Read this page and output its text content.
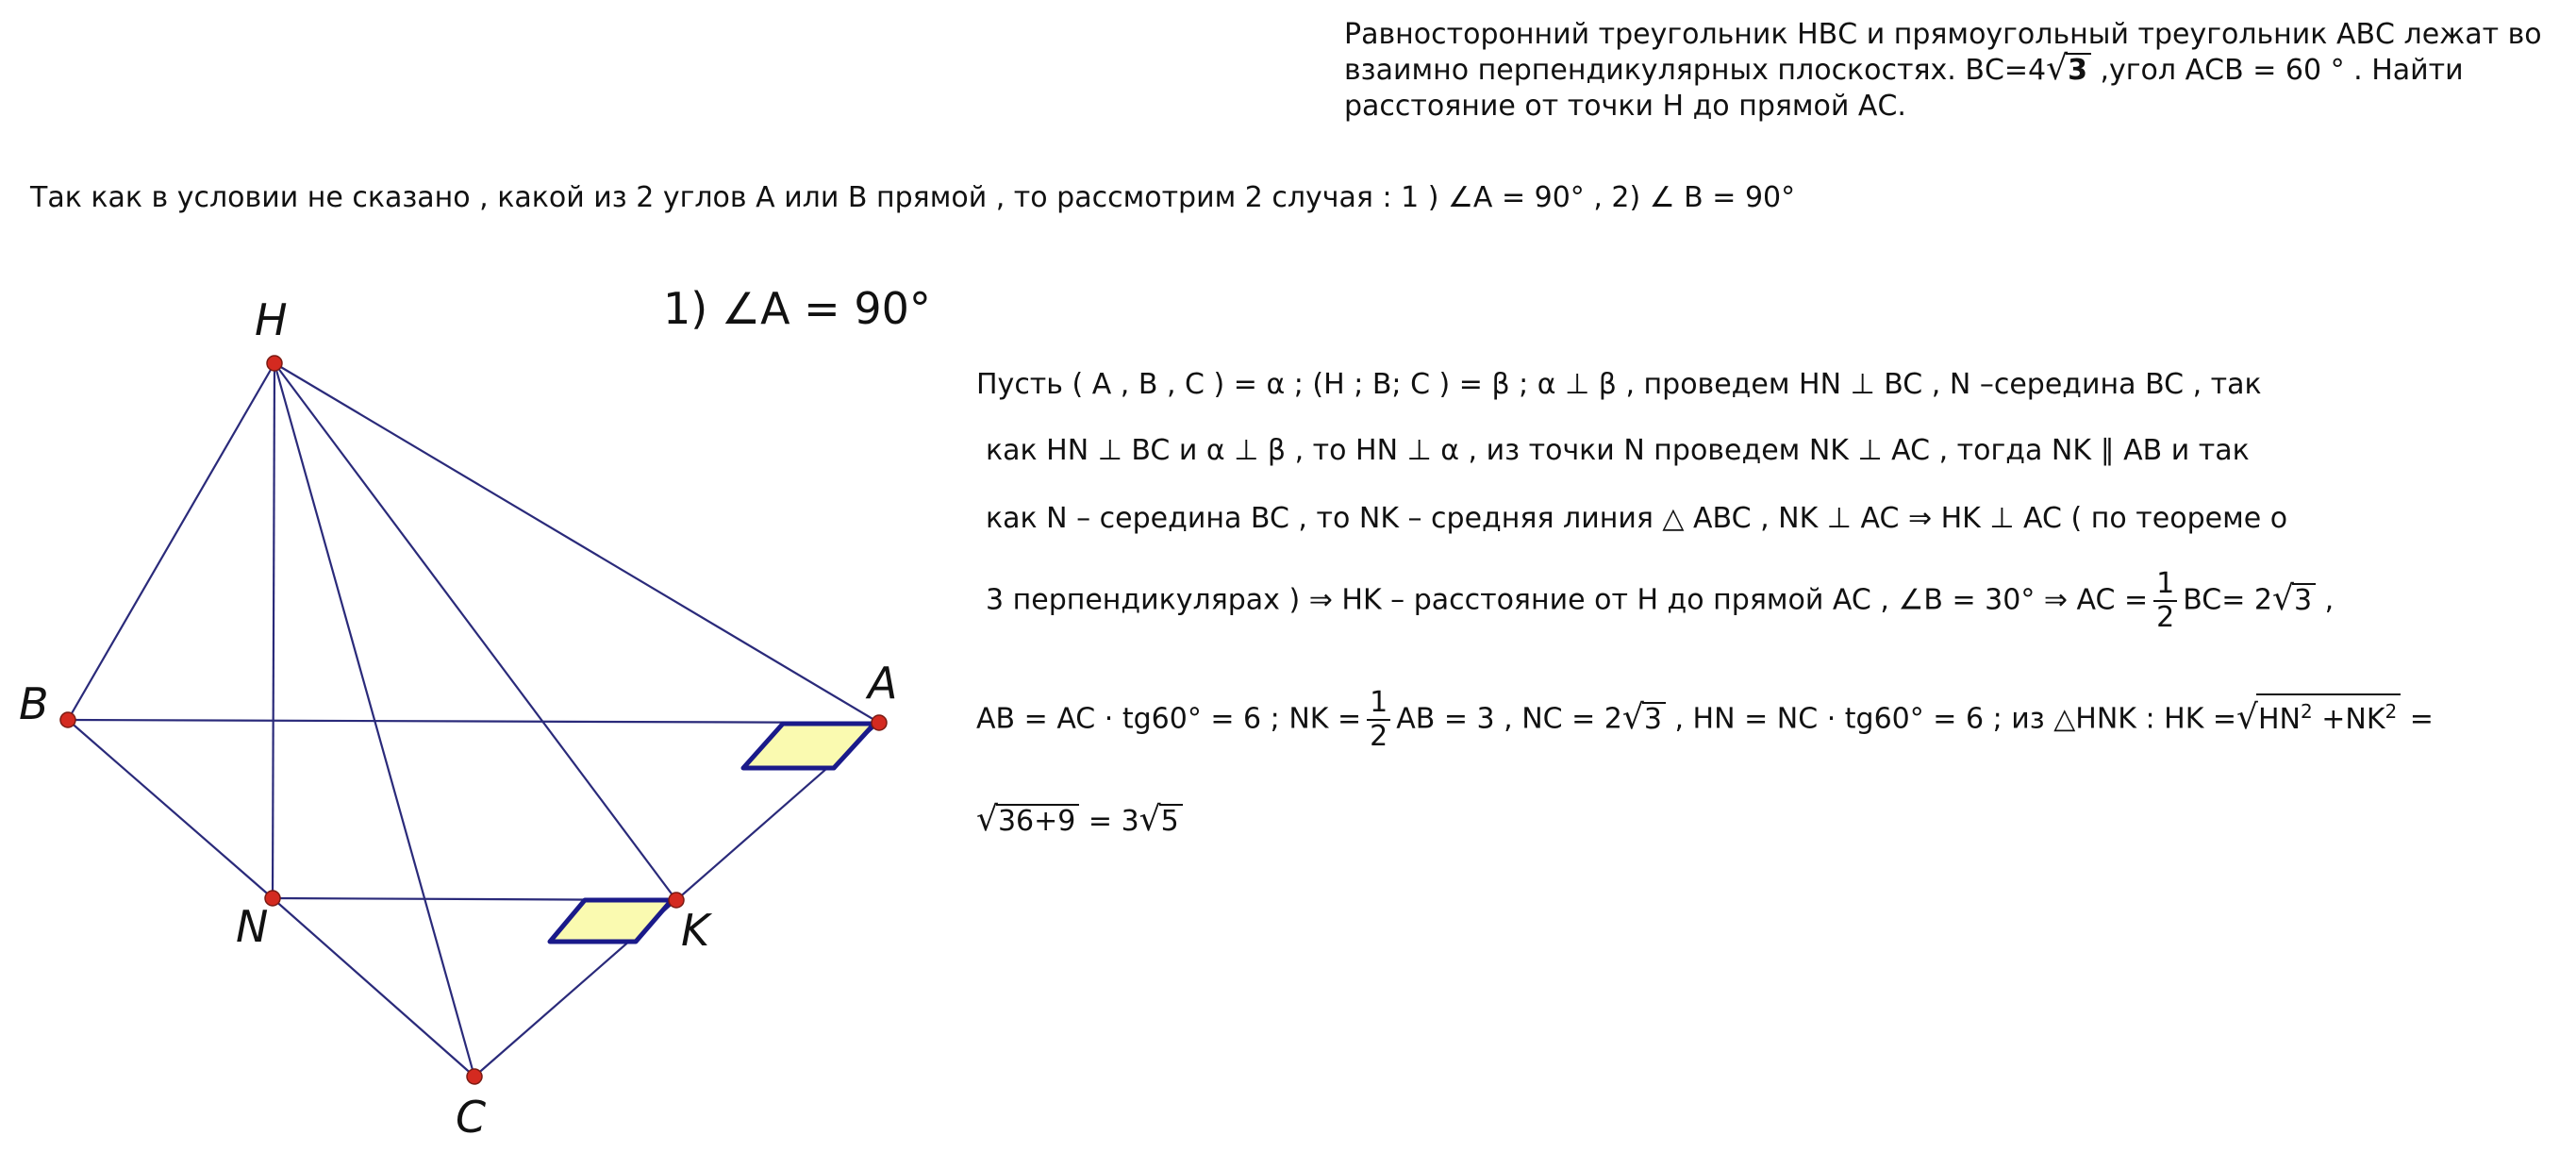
Равносторонний треугольник НВС и прямоугольный треугольник АВС лежат во
взаимно перпендикулярных плоскостях. ВС=4√3 ,угол АСВ = 60 ° . Найти
расстояние от точки Н до прямой АС.
Так как в условии не сказано , какой из 2 углов А или В прямой , то рассмотрим 2 случая : 1 ) ∠A = 90° , 2) ∠ B = 90°
1) ∠A = 90°
Пусть ( A , B , C ) = α ; (H ; B; C ) = β ; α ⊥ β , проведем HN ⊥ BC , N –середина BC , так
как HN ⊥ BC и α ⊥ β , то HN ⊥ α , из точки N проведем NK ⊥ AC , тогда NK ∥ AB и так
как N – середина BC , то NK – средняя линия △ ABC , NK ⊥ AC ⇒ HK ⊥ AC ( по теореме о
3 перпендикулярах ) ⇒ HK – расстояние от H до прямой AC , ∠B = 30° ⇒ AC = $\frac{1}{2} BC= 2√3$ ,
AB = AC · tg60° = 6 ; NK = $\frac{1}{2}$ AB = 3 , NC = 2√3 , HN = NC · tg60° = 6 ; из △HNK : HK $=√HN^2 +NK^2$ =
√36+9 = 3√5
H
B	A
N	K
C
